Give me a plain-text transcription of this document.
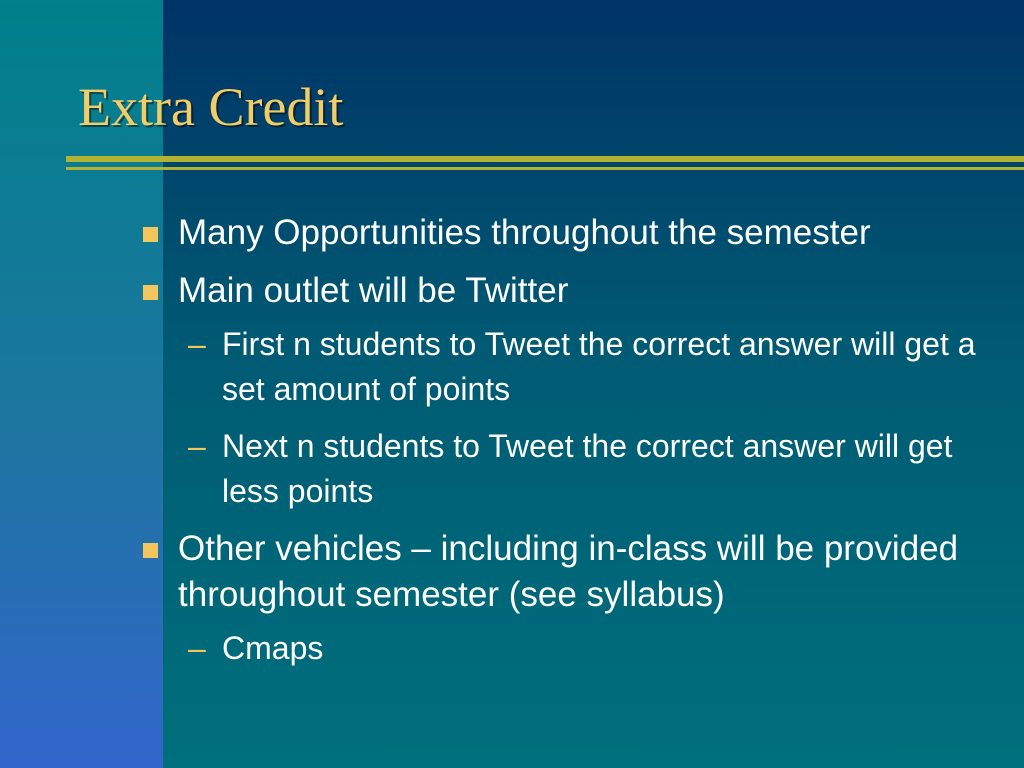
Extra Credit
Many Opportunities throughout the semester
Main outlet will be Twitter
– First n students to Tweet the correct answer will get a set amount of points
– Next n students to Tweet the correct answer will get less points
Other vehicles – including in-class will be provided throughout semester (see syllabus)
– Cmaps
